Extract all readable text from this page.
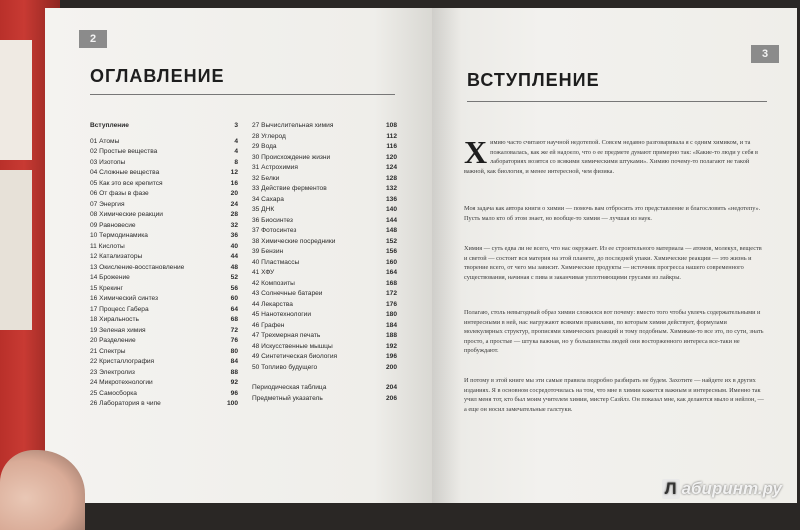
2
ОГЛАВЛЕНИЕ
Вступление	3
01 Атомы	4
02 Простые вещества	4
03 Изотопы	8
04 Сложные вещества	12
05 Как это все крепится	16
06 От фазы в фазе	20
07 Энергия	24
08 Химические реакции	28
09 Равновесие	32
10 Термодинамика	36
11 Кислоты	40
12 Катализаторы	44
13 Окисление-восстановление	48
14 Брожение	52
15 Крекинг	56
16 Химический синтез	60
17 Процесс Габера	64
18 Хиральность	68
19 Зеленая химия	72
20 Разделение	76
21 Спектры	80
22 Кристаллография	84
23 Электролиз	88
24 Микротехнологии	92
25 Самосборка	96
26 Лаборатория в чипе	100
27 Вычислительная химия	108
28 Углерод	112
29 Вода	116
30 Происхождение жизни	120
31 Астрохимия	124
32 Белки	128
33 Действие ферментов	132
34 Сахара	136
35 ДНК	140
36 Биосинтез	144
37 Фотосинтез	148
38 Химические посредники	152
39 Бензин	156
40 Пластмассы	160
41 ХФУ	164
42 Композиты	168
43 Солнечные батареи	172
44 Лекарства	176
45 Нанотехнологии	180
46 Графен	184
47 Трехмерная печать	188
48 Искусственные мышцы	192
49 Синтетическая биология	196
50 Топливо будущего	200
Периодическая таблица	204
Предметный указатель	206
3
ВСТУПЛЕНИЕ
Х имию часто считают научной недотепой. Совсем недавно разговаривала я с одним химиком, и та пожаловалась, как же ей надоело, что о ее предмете думают примерно так: «Какие-то люди у себя в лабораториях возятся со всякими химическими штуками». Химию почему-то полагают не такой важной, как биология, и менее интересной, чем физика.
Моя задача как автора книги о химии — помочь вам отбросить это представление и благословить «недотепу». Пусть мало кто об этом знает, но вообще-то химия — лучшая из наук.
Химия — суть едва ли не всего, что нас окружает. Из ее строительного материала — атомов, молекул, веществ и светой — состоит вся материя на этой планете, до последней упаки. Химические реакции — это жизнь и творение всего, от чего мы зависит. Химические продукты — источник прогресса нашего современного существования, начиная с пива и заканчивая уплотняющими грусами из лайкры.
Полагаю, столь невыгодный образ химии сложился вот почему: вместо того чтобы увлечь содержательными и интересными в ней, нас нагружают всякими правилами, по которым химия действует, формулами молекулярных структур, прописями химических реакций и тому подобным. Химикам-то все это, по сути, знать просто, а простые — штука важная, но у большинства людей они восторженного интереса все-таки не пробуждают.
И потому в этой книге мы эти самые правила подробно разбирать не будем. Захотите — найдете их в других изданиях. Я в основном сосредоточилась на том, что мне в химии кажется важным и интересным. Именно так учил меня тот, кто был моим учителем химии, мистер Сазйлз. Он показал мне, как делаются мыло и нейлон, — а еще он носил замечательные галстуки.
Л абиринт.ру
